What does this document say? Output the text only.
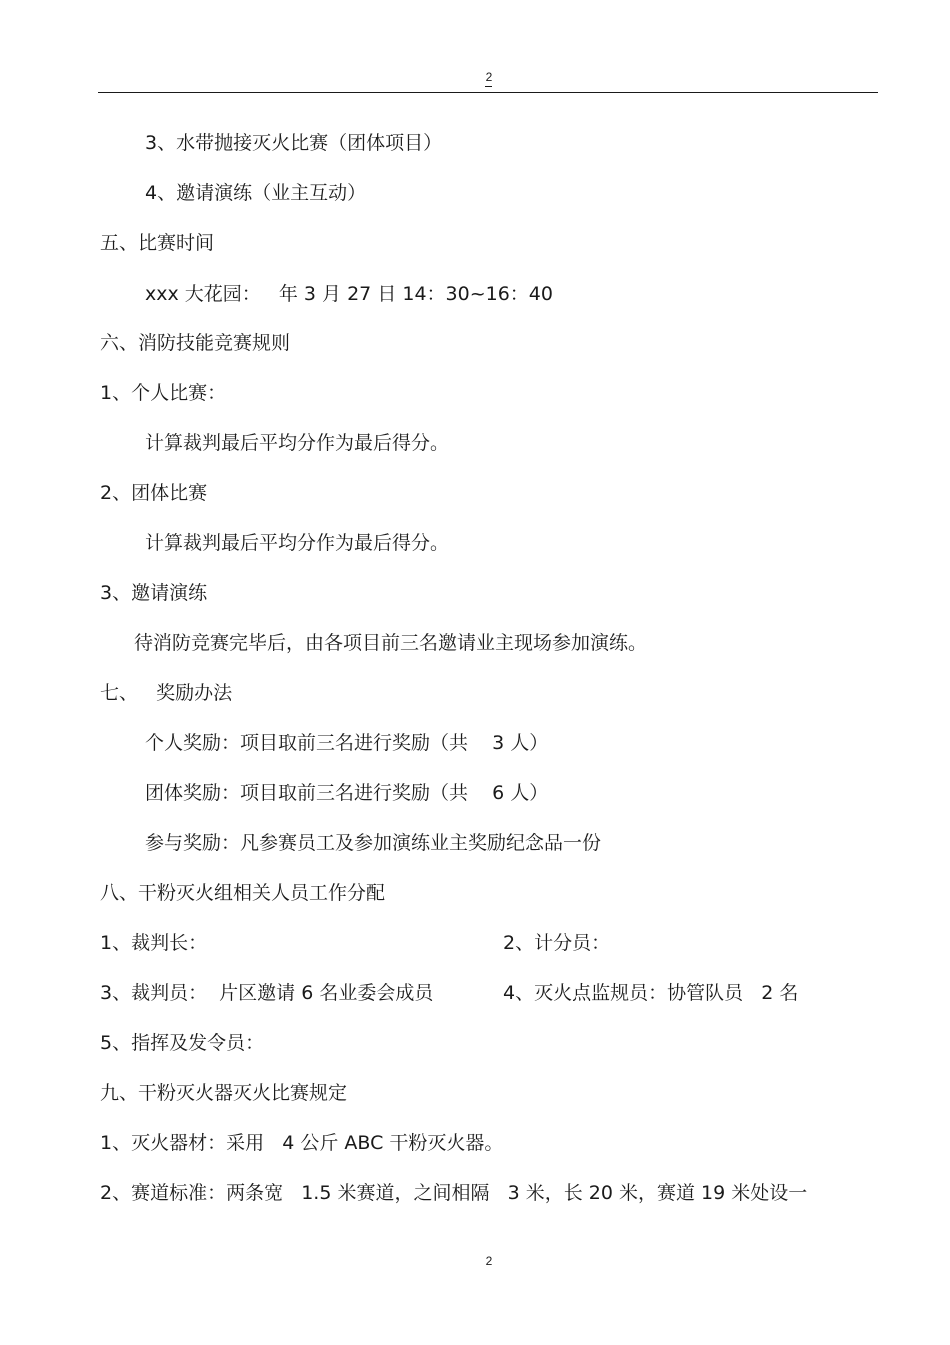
2
3、水带抛接灭火比赛（团体项目）
4、邀请演练（业主互动）
五、比赛时间
xxx 大花园：   年 3 月 27 日 14：30~16：40
六、消防技能竞赛规则
1、个人比赛：
计算裁判最后平均分作为最后得分。
2、团体比赛
计算裁判最后平均分作为最后得分。
3、邀请演练
待消防竞赛完毕后，由各项目前三名邀请业主现场参加演练。
七、   奖励办法
个人奖励：项目取前三名进行奖励（共    3 人）
团体奖励：项目取前三名进行奖励（共    6 人）
参与奖励：凡参赛员工及参加演练业主奖励纪念品一份
八、干粉灭火组相关人员工作分配
1、裁判长：	2、计分员：
3、裁判员：  片区邀请 6 名业委会成员	4、灭火点监规员：协管队员   2 名
5、指挥及发令员：
九、干粉灭火器灭火比赛规定
1、灭火器材：采用   4 公斤 ABC 干粉灭火器。
2、赛道标准：两条宽   1.5 米赛道，之间相隔   3 米，长 20 米，赛道 19 米处设一
2
